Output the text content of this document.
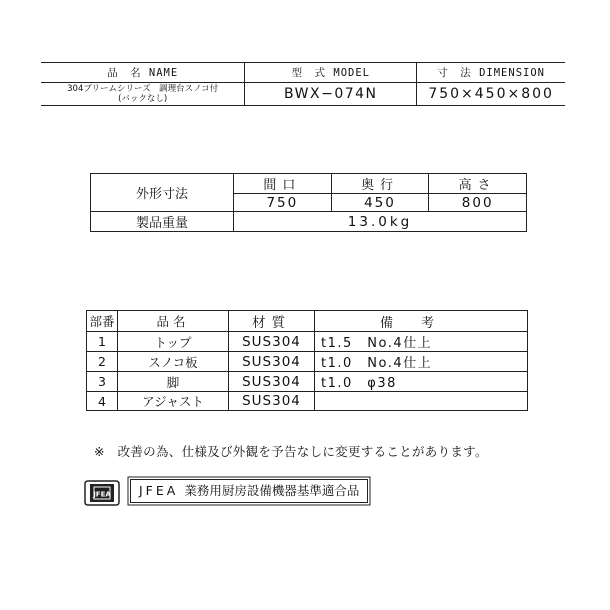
品　名 NAME	型　式 MODEL	寸　法 DIMENSION

304ブリームシリーズ　調理台スノコ付
(バックなし)	BWX−074N	750×450×800
外形寸法	間口	奥行	高さ
	750	450	800
製品重量	13.0kg		
部番	品名	材質	備考
1	トップ	SUS304	t1.5　No.4仕上
2	スノコ板	SUS304	t1.0　No.4仕上
3	脚	SUS304	t1.0　φ38
4	アジャスト	SUS304	
※　改善の為、仕様及び外観を予告なしに変更することがあります。
JFEA	JFEA 業務用厨房設備機器基準適合品
